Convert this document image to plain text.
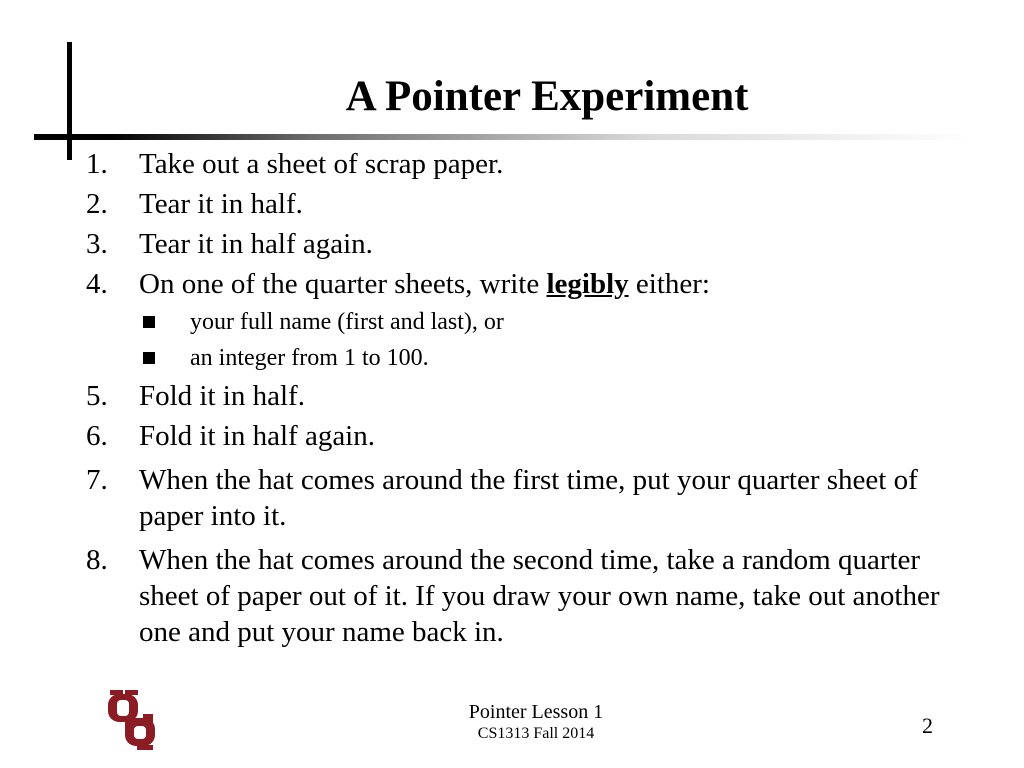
A Pointer Experiment
1. Take out a sheet of scrap paper.
2. Tear it in half.
3. Tear it in half again.
4. On one of the quarter sheets, write legibly either:
your full name (first and last), or
an integer from 1 to 100.
5. Fold it in half.
6. Fold it in half again.
7. When the hat comes around the first time, put your quarter sheet of paper into it.
8. When the hat comes around the second time, take a random quarter sheet of paper out of it. If you draw your own name, take out another one and put your name back in.
Pointer Lesson 1
CS1313 Fall 2014	2
